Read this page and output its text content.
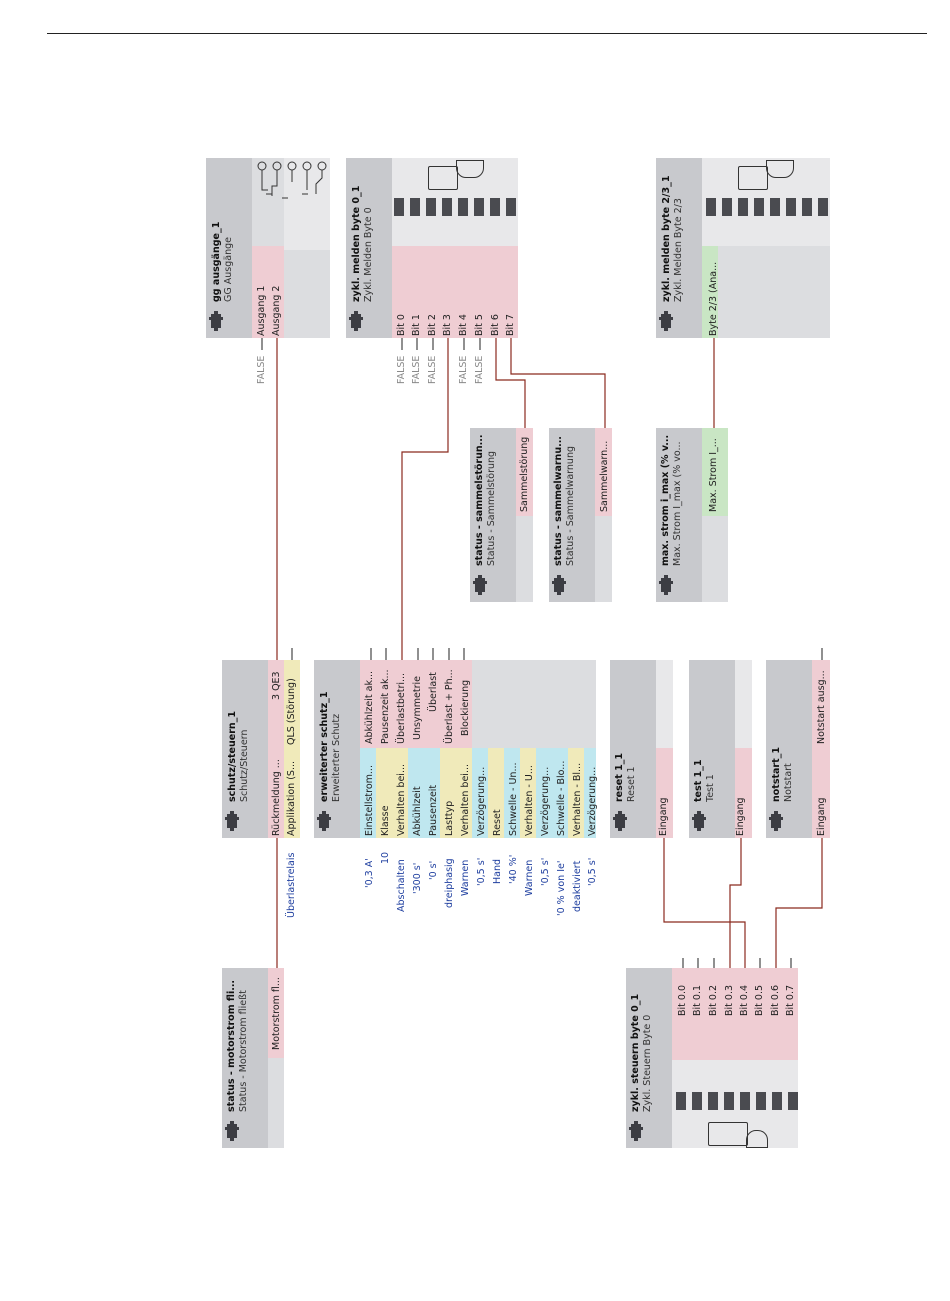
gg ausgänge_1 GG Ausgänge
Ausgang 1 Ausgang 2
FALSE
zykl. melden byte 0_1 Zykl. Melden Byte 0
Bit 0 Bit 1 Bit 2 Bit 3 Bit 4 Bit 5 Bit 6 Bit 7
FALSE FALSE FALSE FALSE FALSE
zykl. melden byte 2/3_1 Zykl. Melden Byte 2/3	Byte 2/3 (Ana...
status - sammelstörun... Status - Sammelstörung Sammelstörung status - sammelwarnu... Status - Sammelwarnung Sammelwarn...	max. strom i_max (% v... Max. Strom I_max (% vo...	Max. Strom I_...
schutz/steuern_1 Schutz/Steuern Rückmeldung ... Applikation (S...
3 QE3 QLS (Störung)
Überlastrelais
erweiterter schutz_1 Erweiterter Schutz Einstellstrom... Klasse Verhalten bei... Abkühlzeit Pausenzeit Lasttyp Verhalten bei... Verzögerung... Reset Schwelle - Un... Verhalten - U... Verzögerung... Schwelle - Blo... Verhalten - Bl... Verzögerung...
'0,3 A'
10
Abschalten '300 s' '0 s' dreiphasig Warnen '0,5 s' Hand '40 %' Warnen '0,5 s' '0 % von Ie' deaktiviert '0,5 s'
Abkühlzeit ak... Pausenzeit ak... Überlastbetri... Unsymmetrie Überlast Überlast + Ph... Blockierung
reset 1_1 Reset 1
Eingang
test 1_1 Test 1
Eingang
notstart_1 Notstart
Eingang
Notstart ausg...
status - motorstrom fli... Status - Motorstrom fließt Motorstrom fl...	zykl. steuern byte 0_1 Zykl. Steuern Byte 0
Bit 0.0 Bit 0.1 Bit 0.2 Bit 0.3 Bit 0.4 Bit 0.5 Bit 0.6 Bit 0.7
